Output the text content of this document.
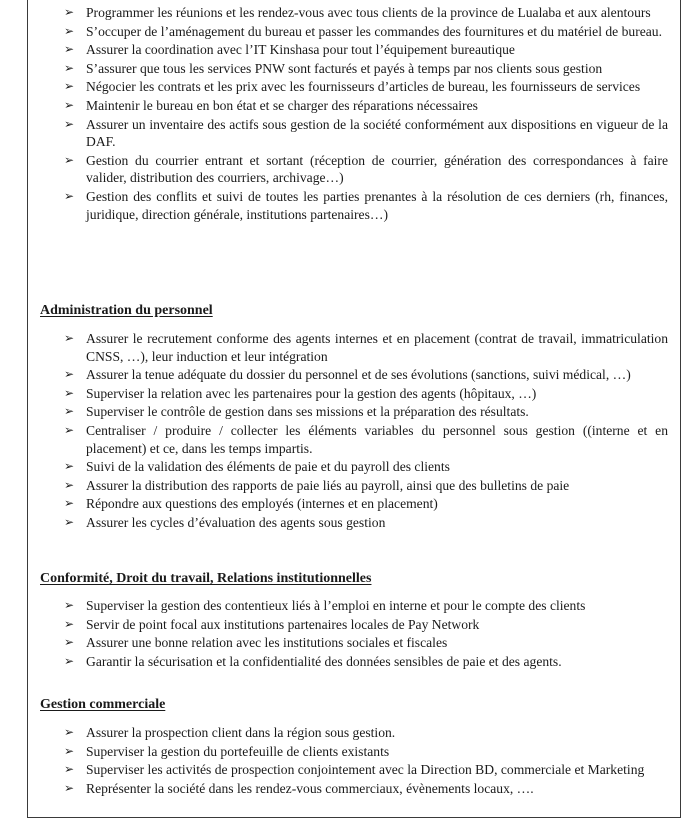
➢ Programmer les réunions et les rendez-vous avec tous clients de la province de Lualaba et aux alentours
➢ S’occuper de l’aménagement du bureau et passer les commandes des fournitures et du matériel de bureau.
➢ Assurer la coordination avec l’IT Kinshasa pour tout l’équipement bureautique
➢ S’assurer que tous les services PNW sont facturés et payés à temps par nos clients sous gestion
➢ Négocier les contrats et les prix avec les fournisseurs d’articles de bureau, les fournisseurs de services
➢ Maintenir le bureau en bon état et se charger des réparations nécessaires
➢ Assurer un inventaire des actifs sous gestion de la société conformément aux dispositions en vigueur de la DAF.
➢ Gestion du courrier entrant et sortant (réception de courrier, génération des correspondances à faire valider, distribution des courriers, archivage…)
➢ Gestion des conflits et suivi de toutes les parties prenantes à la résolution de ces derniers (rh, finances, juridique, direction générale, institutions partenaires…)
Administration du personnel
➢ Assurer le recrutement conforme des agents internes et en placement (contrat de travail, immatriculation CNSS, …), leur induction et leur intégration
➢ Assurer la tenue adéquate du dossier du personnel et de ses évolutions (sanctions, suivi médical, …)
➢ Superviser la relation avec les partenaires pour la gestion des agents (hôpitaux, …)
➢ Superviser le contrôle de gestion dans ses missions et la préparation des résultats.
➢ Centraliser / produire / collecter les éléments variables du personnel sous gestion ((interne et en placement) et ce, dans les temps impartis.
➢ Suivi de la validation des éléments de paie et du payroll des clients
➢ Assurer la distribution des rapports de paie liés au payroll, ainsi que des bulletins de paie
➢ Répondre aux questions des employés (internes et en placement)
➢ Assurer les cycles d’évaluation des agents sous gestion
Conformité, Droit du travail, Relations institutionnelles
➢ Superviser la gestion des contentieux liés à l’emploi en interne et pour le compte des clients
➢ Servir de point focal aux institutions partenaires locales de Pay Network
➢ Assurer une bonne relation avec les institutions sociales et fiscales
➢ Garantir la sécurisation et la confidentialité des données sensibles de paie et des agents.
Gestion commerciale
➢ Assurer la prospection client dans la région sous gestion.
➢ Superviser la gestion du portefeuille de clients existants
➢ Superviser les activités de prospection conjointement avec la Direction BD, commerciale et Marketing
➢ Représenter la société dans les rendez-vous commerciaux, évènements locaux, ….
